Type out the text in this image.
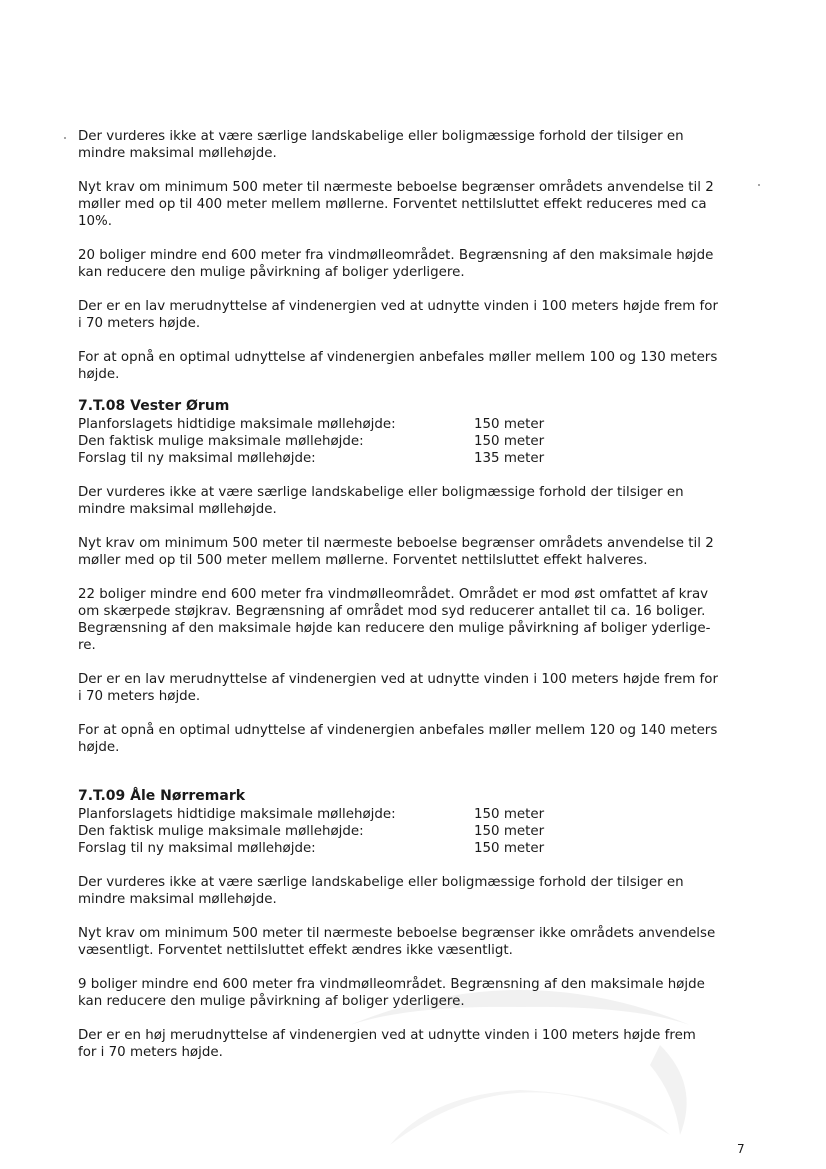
Der vurderes ikke at være særlige landskabelige eller boligmæssige forhold der tilsiger en
mindre maksimal møllehøjde.

Nyt krav om minimum 500 meter til nærmeste beboelse begrænser områdets anvendelse til 2
møller med op til 400 meter mellem møllerne. Forventet nettilsluttet effekt reduceres med ca
10%.

20 boliger mindre end 600 meter fra vindmølleområdet. Begrænsning af den maksimale højde
kan reducere den mulige påvirkning af boliger yderligere.

Der er en lav merudnyttelse af vindenergien ved at udnytte vinden i 100 meters højde frem for
i 70 meters højde.

For at opnå en optimal udnyttelse af vindenergien anbefales møller mellem 100 og 130 meters
højde.

7.T.08 Vester Ørum
Planforslagets hidtidige maksimale møllehøjde:	150 meter
Den faktisk mulige maksimale møllehøjde:	150 meter
Forslag til ny maksimal møllehøjde:	135 meter

Der vurderes ikke at være særlige landskabelige eller boligmæssige forhold der tilsiger en
mindre maksimal møllehøjde.

Nyt krav om minimum 500 meter til nærmeste beboelse begrænser områdets anvendelse til 2
møller med op til 500 meter mellem møllerne. Forventet nettilsluttet effekt halveres.

22 boliger mindre end 600 meter fra vindmølleområdet. Området er mod øst omfattet af krav
om skærpede støjkrav. Begrænsning af området mod syd reducerer antallet til ca. 16 boliger.
Begrænsning af den maksimale højde kan reducere den mulige påvirkning af boliger yderlige-
re.

Der er en lav merudnyttelse af vindenergien ved at udnytte vinden i 100 meters højde frem for
i 70 meters højde.

For at opnå en optimal udnyttelse af vindenergien anbefales møller mellem 120 og 140 meters
højde.

7.T.09 Åle Nørremark
Planforslagets hidtidige maksimale møllehøjde:	150 meter
Den faktisk mulige maksimale møllehøjde:	150 meter
Forslag til ny maksimal møllehøjde:	150 meter

Der vurderes ikke at være særlige landskabelige eller boligmæssige forhold der tilsiger en
mindre maksimal møllehøjde.

Nyt krav om minimum 500 meter til nærmeste beboelse begrænser ikke områdets anvendelse
væsentligt. Forventet nettilsluttet effekt ændres ikke væsentligt.

9 boliger mindre end 600 meter fra vindmølleområdet. Begrænsning af den maksimale højde
kan reducere den mulige påvirkning af boliger yderligere.

Der er en høj merudnyttelse af vindenergien ved at udnytte vinden i 100 meters højde frem
for i 70 meters højde.

7
